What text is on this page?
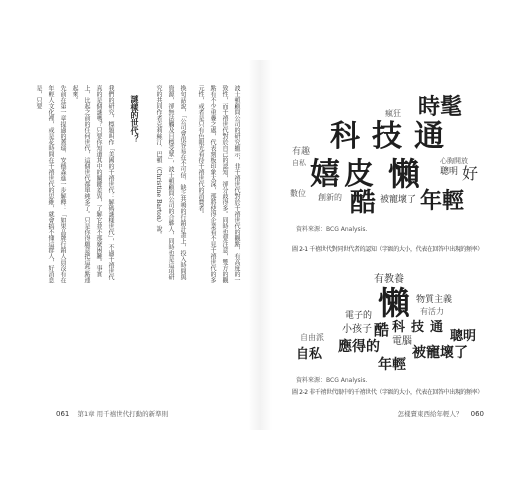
波士頓顧問公司的研究顯示，非千禧世代對於千禧世代的觀點，有高度的一致性，而千禧世代對於自己的認知，卻分歧得多。同時也要注意，雙方的觀點有不少重疊之處，代表刻板印象太深，那將使得企業看不見千禧世代的多元性，或者是只有色眼光看待千禧世代的消費者。

換句話說，「公司會很容易在不可信、缺乏共鳴的行銷計畫上，投入時間與資源，卻無法觸及目標受眾」，波士頓顧問公司的合夥人，同時也是這項研究的共同作者克莉絲汀．巴頓（Christine Barton）說。

謎樣的世代？

我們的研究，標題叫作「美國的千禧世代：解碼謎樣世代」，不過千禧世代真的是個謎嗎？只要你知道其中的關鍵差異，了解它並不那麼困難。事實上，比起之前的任何世代，這個世代都單純多了。只是你得願意把這些點連起來。

先前在第一章提過的蓋瑞．安德森進一步解釋：「如果品牌行銷人員沒有在年輕人文化裡，或是花時間在千禧世代的思維，就會搞不懂這群人，好消息是，只要	時髦
科技通
嬉皮 懶
酷 年輕
被寵壞了
好
聰明
有趣
瘋狂
創新的
數位
心胸開放
自私
資料來源：BCG Analysis.
圖 2-1 千禧世代對同世代者的認知（字級的大小，代表在回答中出現的頻率）
有教養
懶 物質主義
有活力
電子的
科技通
小孩子 酷	聰明
電腦
應得的 被寵壞了
自私
自由派
年輕
資料來源：BCG Analysis.
圖 2-2 非千禧世代眼中的千禧世代（字級的大小，代表在回答中出現的頻率）
061 第1章 用千禧世代打動的新準則	怎樣賣東西給年輕人？ 060
